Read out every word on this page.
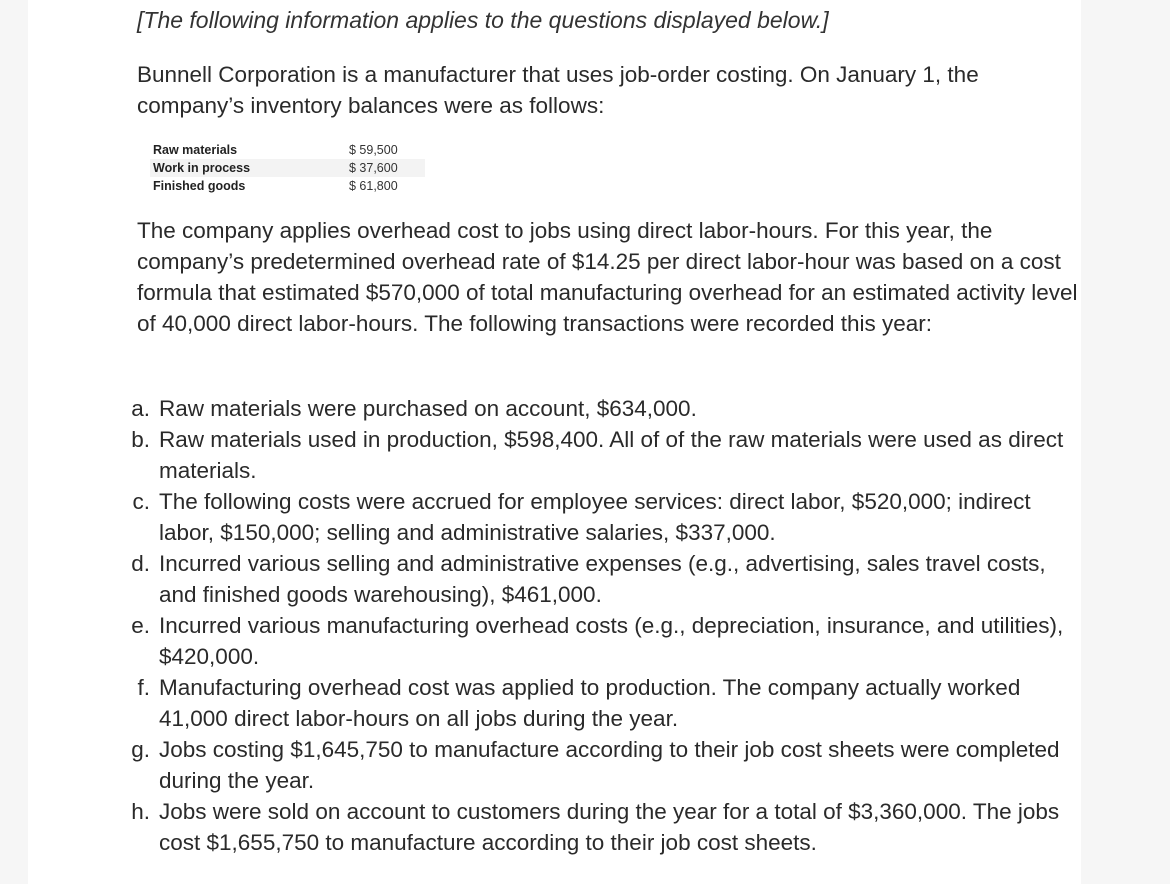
[The following information applies to the questions displayed below.]
Bunnell Corporation is a manufacturer that uses job-order costing. On January 1, the company’s inventory balances were as follows:
Raw materials	$ 59,500
Work in process	$ 37,600
Finished goods	$ 61,800
The company applies overhead cost to jobs using direct labor-hours. For this year, the company’s predetermined overhead rate of $14.25 per direct labor-hour was based on a cost formula that estimated $570,000 of total manufacturing overhead for an estimated activity level of 40,000 direct labor-hours. The following transactions were recorded this year:
a. Raw materials were purchased on account, $634,000.
b. Raw materials used in production, $598,400. All of of the raw materials were used as direct materials.
c. The following costs were accrued for employee services: direct labor, $520,000; indirect labor, $150,000; selling and administrative salaries, $337,000.
d. Incurred various selling and administrative expenses (e.g., advertising, sales travel costs, and finished goods warehousing), $461,000.
e. Incurred various manufacturing overhead costs (e.g., depreciation, insurance, and utilities), $420,000.
f. Manufacturing overhead cost was applied to production. The company actually worked 41,000 direct labor-hours on all jobs during the year.
g. Jobs costing $1,645,750 to manufacture according to their job cost sheets were completed during the year.
h. Jobs were sold on account to customers during the year for a total of $3,360,000. The jobs cost $1,655,750 to manufacture according to their job cost sheets.
